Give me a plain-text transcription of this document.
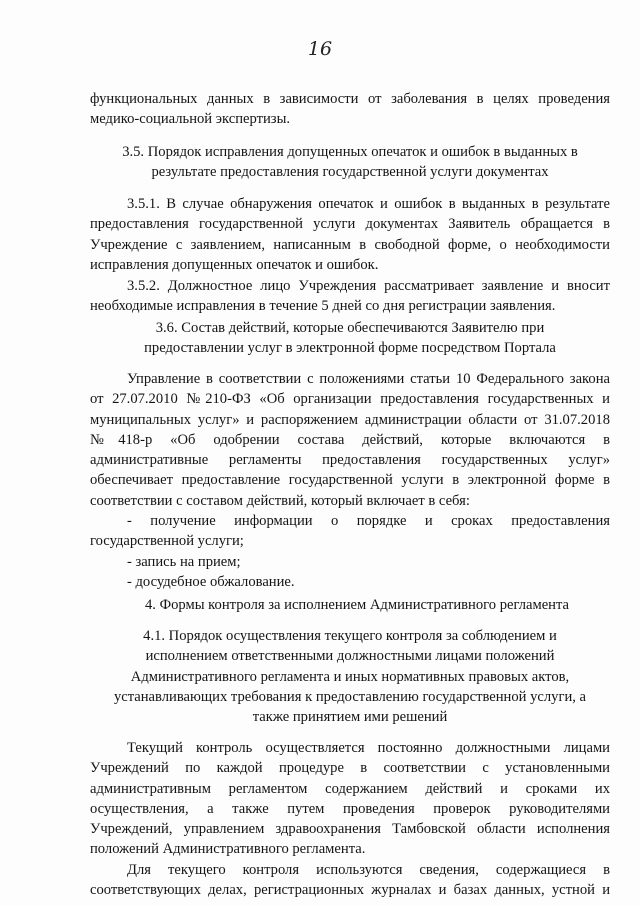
16
функциональных данных в зависимости от заболевания в целях проведения
медико-социальной экспертизы.
3.5. Порядок исправления допущенных опечаток и ошибок в выданных в
результате предоставления государственной услуги документах
3.5.1. В случае обнаружения опечаток и ошибок в выданных в результате
предоставления государственной услуги документах Заявитель обращается в
Учреждение с заявлением, написанным в свободной форме, о необходимости
исправления допущенных опечаток и ошибок.
3.5.2. Должностное лицо Учреждения рассматривает заявление и вносит
необходимые исправления в течение 5 дней со дня регистрации заявления.
3.6. Состав действий, которые обеспечиваются Заявителю при
предоставлении услуг в электронной форме посредством Портала
Управление в соответствии с положениями статьи 10 Федерального закона
от 27.07.2010 №210-ФЗ «Об организации предоставления государственных и
муниципальных услуг» и распоряжением администрации области от 31.07.2018
№418-р «Об одобрении состава действий, которые включаются в
административные регламенты предоставления государственных услуг»
обеспечивает предоставление государственной услуги в электронной форме в
соответствии с составом действий, который включает в себя:
- получение информации о порядке и сроках предоставления
государственной услуги;
- запись на прием;
- досудебное обжалование.
4. Формы контроля за исполнением Административного регламента
4.1. Порядок осуществления текущего контроля за соблюдением и
исполнением ответственными должностными лицами положений
Административного регламента и иных нормативных правовых актов,
устанавливающих требования к предоставлению государственной услуги, а
также принятием ими решений
Текущий контроль осуществляется постоянно должностными лицами
Учреждений по каждой процедуре в соответствии с установленными
административным регламентом содержанием действий и сроками их
осуществления, а также путем проведения проверок руководителями
Учреждений, управлением здравоохранения Тамбовской области исполнения
положений Административного регламента.
Для текущего контроля используются сведения, содержащиеся в
соответствующих делах, регистрационных журналах и базах данных, устной и
